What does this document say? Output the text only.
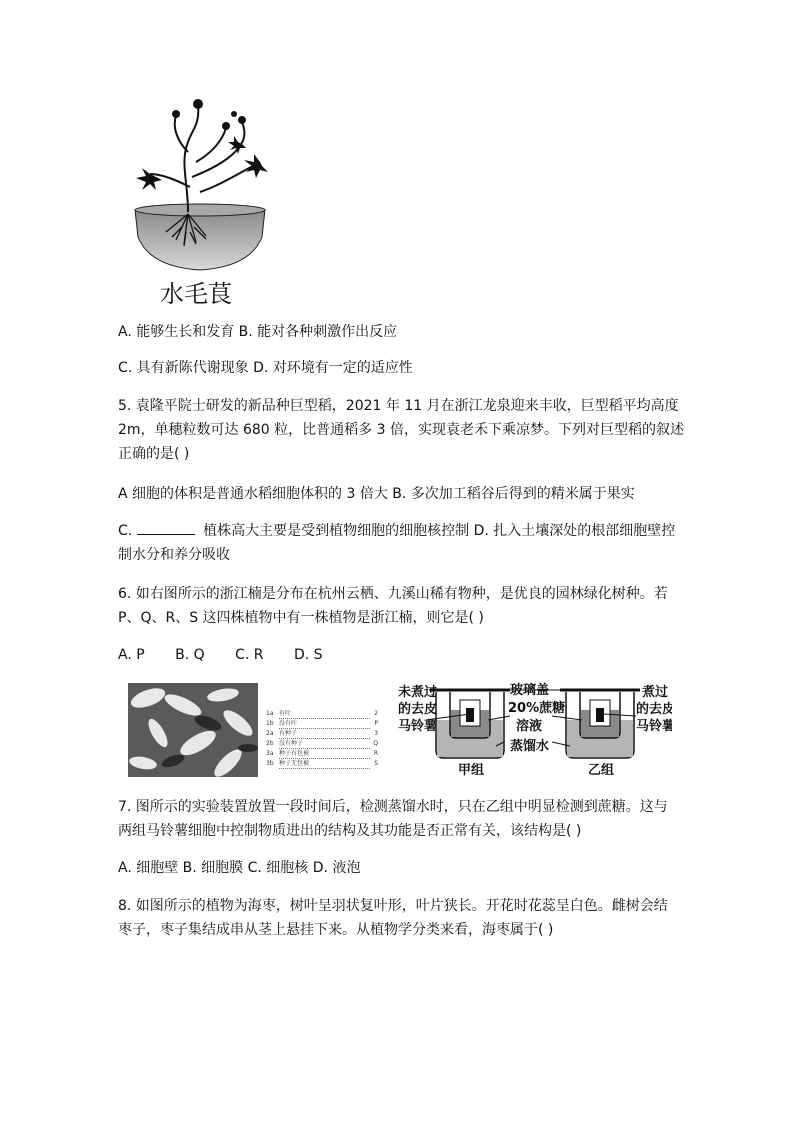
水毛茛
A. 能够生长和发育 B. 能对各种刺激作出反应
C. 具有新陈代谢现象 D. 对环境有一定的适应性
5. 袁隆平院士研发的新品种巨型稻，2021 年 11 月在浙江龙泉迎来丰收，巨型稻平均高度
2m，单穗粒数可达 680 粒，比普通稻多 3 倍，实现袁老禾下乘凉梦。下列对巨型稻的叙述
正确的是( )
A 细胞的体积是普通水稻细胞体积的 3 倍大 B. 多次加工稻谷后得到的精米属于果实
C.	植株高大主要是受到植物细胞的细胞核控制 D. 扎入土壤深处的根部细胞壁控
制水分和养分吸收
6. 如右图所示的浙江楠是分布在杭州云栖、九溪山稀有物种，是优良的园林绿化树种。若
P、Q、R、S 这四株植物中有一株植物是浙江楠，则它是( )
A. P B. Q C. R D. S
1a 有叶	2
1b 没有叶	P
2a 有种子	3
2b 没有种子	Q
3a 种子有包被	R
3b 种子无包被	S
未煮过
的去皮
马铃薯
玻璃盖
20%蔗糖
溶液
蒸馏水
煮过
的去皮
马铃薯
甲组	乙组
7. 图所示的实验装置放置一段时间后，检测蒸馏水时，只在乙组中明显检测到蔗糖。这与
两组马铃薯细胞中控制物质进出的结构及其功能是否正常有关，该结构是( )
A. 细胞壁 B. 细胞膜 C. 细胞核 D. 液泡
8. 如图所示的植物为海枣，树叶呈羽状复叶形，叶片狭长。开花时花蕊呈白色。雌树会结
枣子，枣子集结成串从茎上悬挂下来。从植物学分类来看，海枣属于( )
